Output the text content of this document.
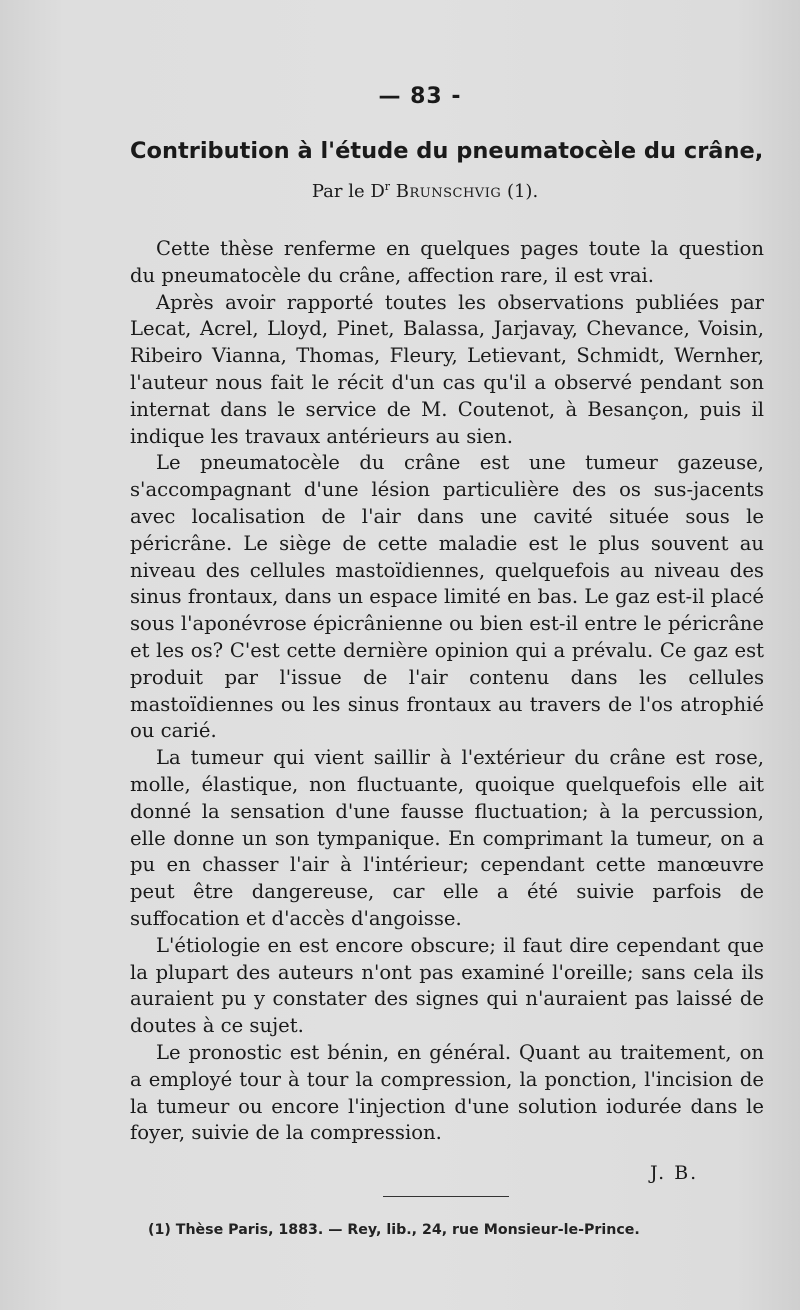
— 83 -
Contribution à l'étude du pneumatocèle du crâne,
Par le $D^r$ Brunschvig (1).

Cette thèse renferme en quelques pages toute la question du pneumatocèle du crâne, affection rare, il est vrai.

Après avoir rapporté toutes les observations publiées par Lecat, Acrel, Lloyd, Pinet, Balassa, Jarjavay, Chevance, Voisin, Ribeiro Vianna, Thomas, Fleury, Letievant, Schmidt, Wernher, l'auteur nous fait le récit d'un cas qu'il a observé pendant son internat dans le service de M. Coutenot, à Besançon, puis il indique les travaux antérieurs au sien.

Le pneumatocèle du crâne est une tumeur gazeuse, s'accompagnant d'une lésion particulière des os sus-jacents avec localisation de l'air dans une cavité située sous le péricrâne. Le siège de cette maladie est le plus souvent au niveau des cellules mastoïdiennes, quelquefois au niveau des sinus frontaux, dans un espace limité en bas. Le gaz est-il placé sous l'aponévrose épicrânienne ou bien est-il entre le péricrâne et les os? C'est cette dernière opinion qui a prévalu. Ce gaz est produit par l'issue de l'air contenu dans les cellules mastoïdiennes ou les sinus frontaux au travers de l'os atrophié ou carié.

La tumeur qui vient saillir à l'extérieur du crâne est rose, molle, élastique, non fluctuante, quoique quelquefois elle ait donné la sensation d'une fausse fluctuation; à la percussion, elle donne un son tympanique. En comprimant la tumeur, on a pu en chasser l'air à l'intérieur; cependant cette manœuvre peut être dangereuse, car elle a été suivie parfois de suffocation et d'accès d'angoisse.

L'étiologie en est encore obscure; il faut dire cependant que la plupart des auteurs n'ont pas examiné l'oreille; sans cela ils auraient pu y constater des signes qui n'auraient pas laissé de doutes à ce sujet.

Le pronostic est bénin, en général. Quant au traitement, on a employé tour à tour la compression, la ponction, l'incision de la tumeur ou encore l'injection d'une solution iodurée dans le foyer, suivie de la compression.

J. B.
(1) Thèse Paris, 1883. — Rey, lib., 24, rue Monsieur-le-Prince.
